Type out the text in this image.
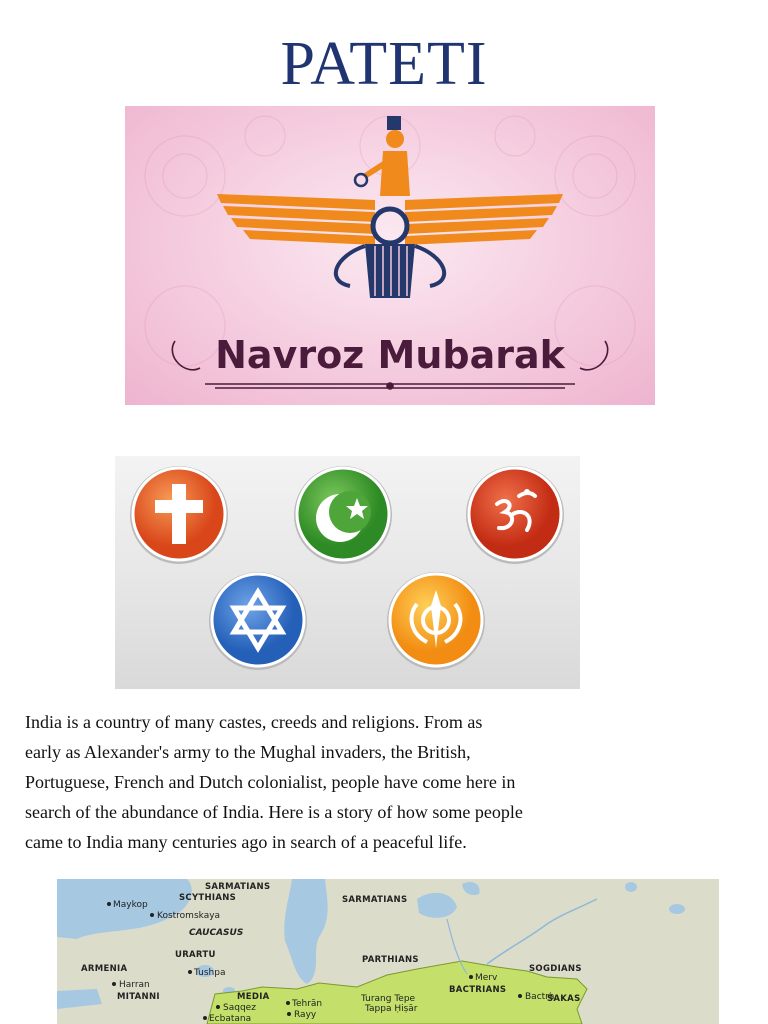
PATETI
Navroz Mubarak

India is a country of many castes, creeds and religions. From as

early as Alexander's army to the Mughal invaders, the British,

Portuguese, French and Dutch colonialist, people have come here in

search of the abundance of India. Here is a story of how some people

came to India many centuries ago in search of a peaceful life.

SARMATIANS
SCYTHIANS
Maykop
Kostromskaya
SARMATIANS
CAUCASUS
URARTU	PARTHIANS
ARMENIA	Tushpa	Merv
SOGDIANS
Harran	BACTRIANS
MITANNI	Bactra
ŚAKAS
MEDIA
Tehrān	Turang Tepe
Saqqez
Rayy
Tappa Ḥiṣār
Ecbatana
